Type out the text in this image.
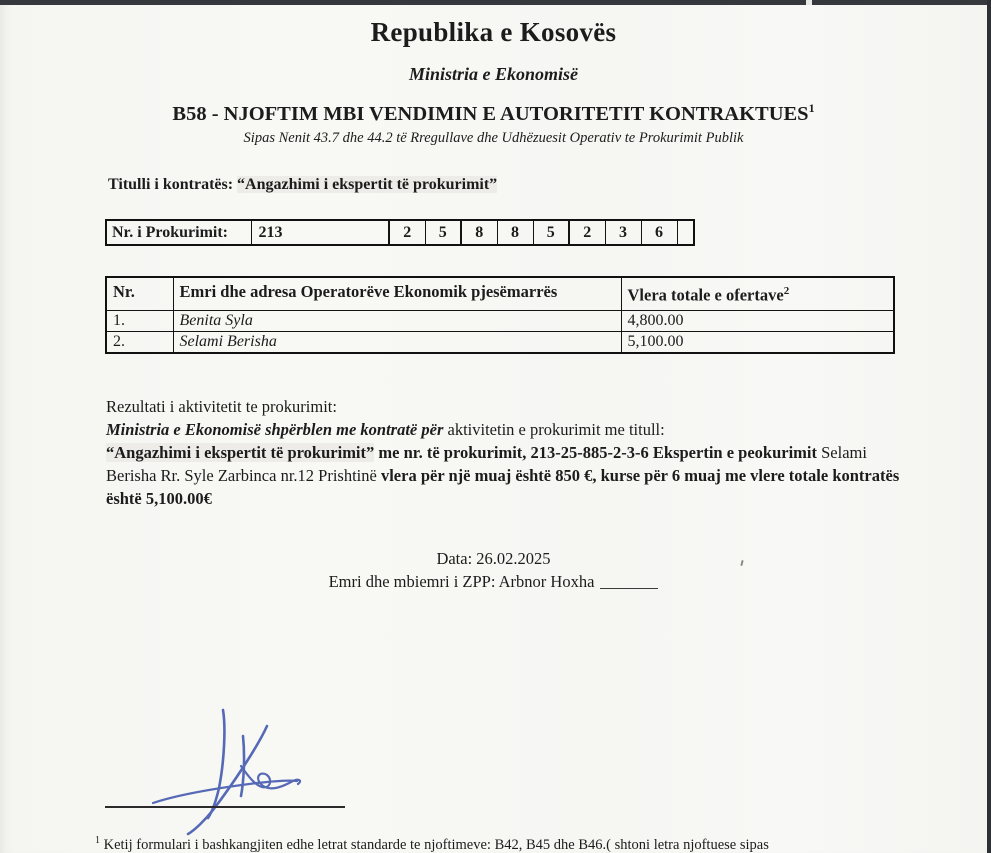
Republika e Kosovës
Ministria e Ekonomisë
B58 - NJOFTIM MBI VENDIMIN E AUTORITETIT KONTRAKTUES$^1$
Sipas Nenit 43.7 dhe 44.2 të Rregullave dhe Udhëzuesit Operativ te Prokurimit Publik
Titulli i kontratës: “Angazhimi i ekspertit të prokurimit”
Nr. i Prokurimit:	213	2	5	8	8	5	2	3	6	
Nr.	Emri dhe adresa Operatorëve Ekonomik pjesëmarrës	Vlera totale e ofertave$^2$
1.	Benita Syla	4,800.00
2.	Selami Berisha	5,100.00
Rezultati i aktivitetit te prokurimit:
Ministria e Ekonomisë shpërblen me kontratë për aktivitetin e prokurimit me titull:
“Angazhimi i ekspertit të prokurimit” me nr. të prokurimit, 213-25-885-2-3-6 Ekspertin e peokurimit Selami Berisha Rr. Syle Zarbinca nr.12 Prishtinë vlera për një muaj është 850 €, kurse për 6 muaj me vlere totale kontratës është 5,100.00€
Data: 26.02.2025
Emri dhe mbiemri i ZPP: Arbnor Hoxha
$^1$ Ketij formulari i bashkangjiten edhe letrat standarde te njoftimeve: B42, B45 dhe B46.( shtoni letra njoftuese sipas
